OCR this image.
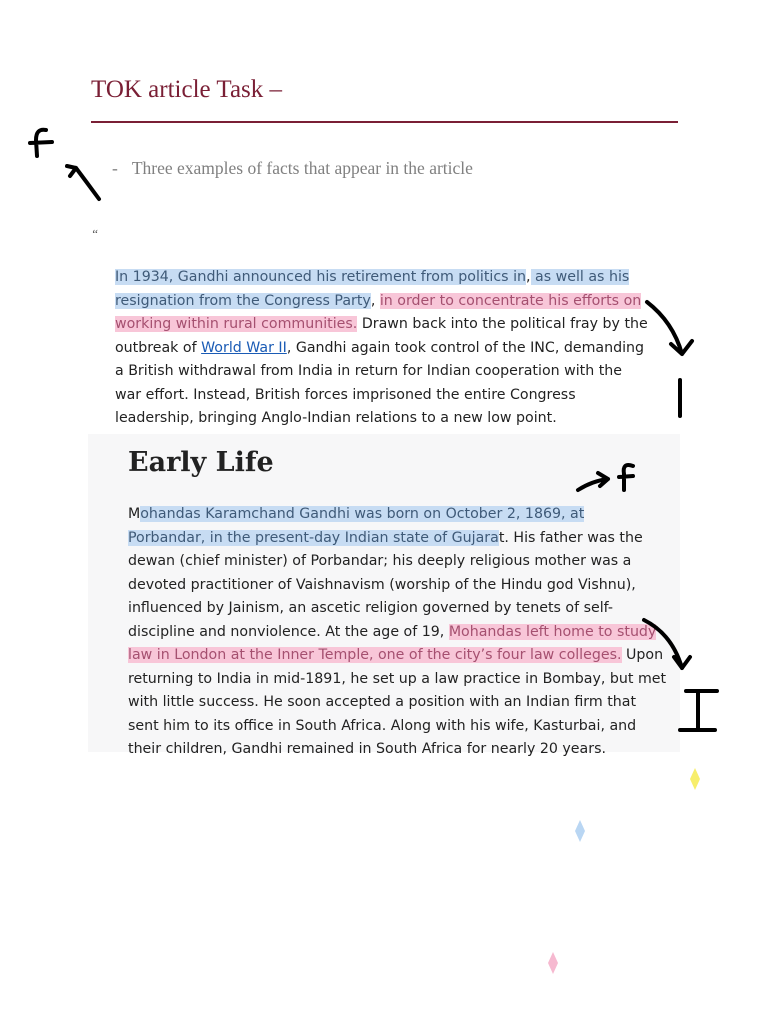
TOK article Task –
- Three examples of facts that appear in the article
“
In 1934, Gandhi announced his retirement from politics in, as well as his
resignation from the Congress Party, in order to concentrate his efforts on
working within rural communities. Drawn back into the political fray by the
outbreak of World War II, Gandhi again took control of the INC, demanding
a British withdrawal from India in return for Indian cooperation with the
war effort. Instead, British forces imprisoned the entire Congress
leadership, bringing Anglo-Indian relations to a new low point.
Early Life
Mohandas Karamchand Gandhi was born on October 2, 1869, at
Porbandar, in the present-day Indian state of Gujarat. His father was the
dewan (chief minister) of Porbandar; his deeply religious mother was a
devoted practitioner of Vaishnavism (worship of the Hindu god Vishnu),
influenced by Jainism, an ascetic religion governed by tenets of self-
discipline and nonviolence. At the age of 19, Mohandas left home to study
law in London at the Inner Temple, one of the city’s four law colleges. Upon
returning to India in mid-1891, he set up a law practice in Bombay, but met
with little success. He soon accepted a position with an Indian firm that
sent him to its office in South Africa. Along with his wife, Kasturbai, and
their children, Gandhi remained in South Africa for nearly 20 years.
